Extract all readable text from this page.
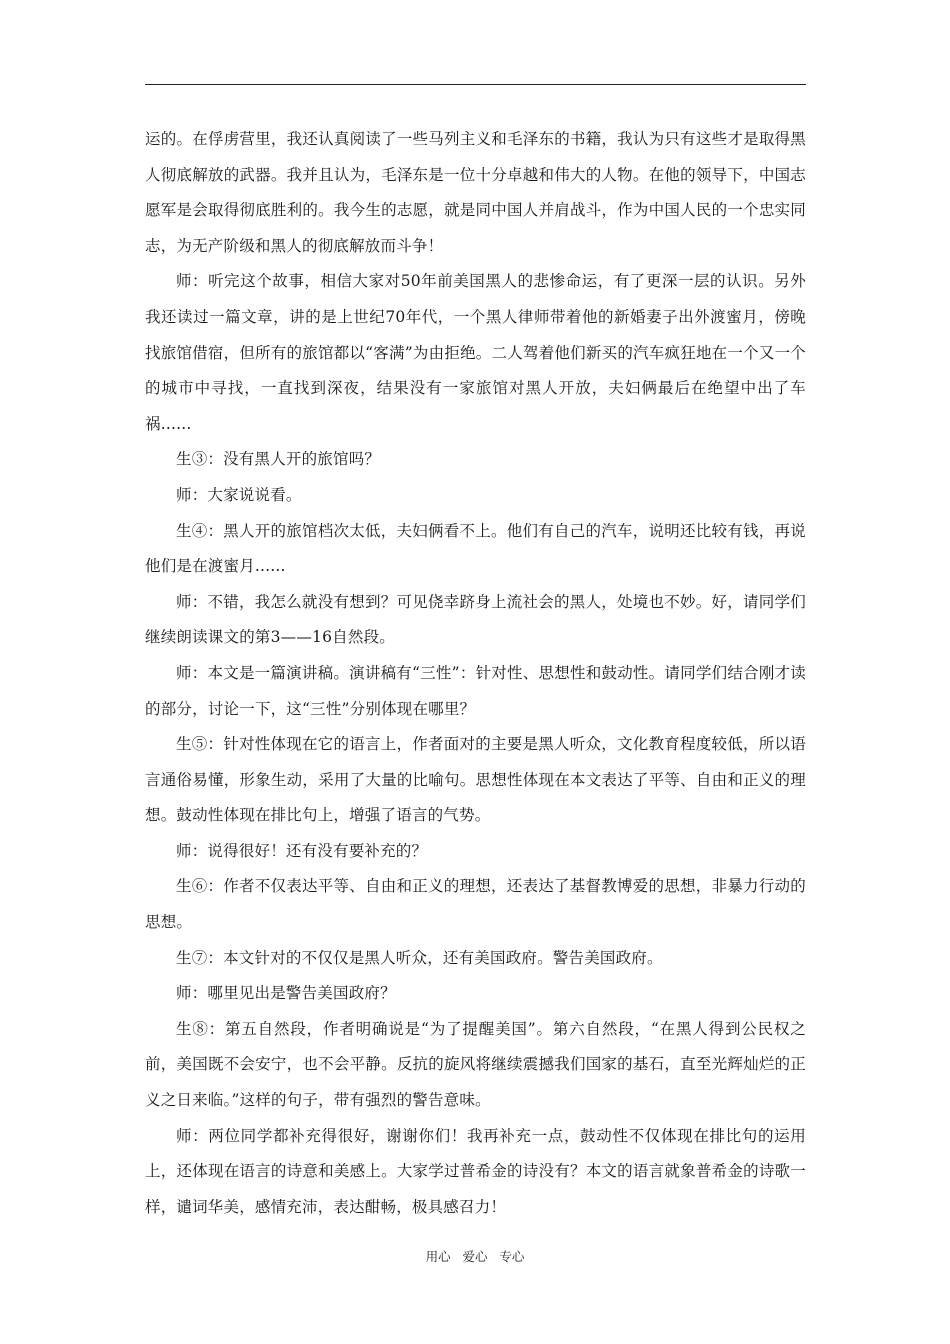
运的。在俘虏营里，我还认真阅读了一些马列主义和毛泽东的书籍，我认为只有这些才是取得黑人彻底解放的武器。我并且认为，毛泽东是一位十分卓越和伟大的人物。在他的领导下，中国志愿军是会取得彻底胜利的。我今生的志愿，就是同中国人并肩战斗，作为中国人民的一个忠实同志，为无产阶级和黑人的彻底解放而斗争！

师：听完这个故事，相信大家对50年前美国黑人的悲惨命运，有了更深一层的认识。另外我还读过一篇文章，讲的是上世纪70年代，一个黑人律师带着他的新婚妻子出外渡蜜月，傍晚找旅馆借宿，但所有的旅馆都以“客满”为由拒绝。二人驾着他们新买的汽车疯狂地在一个又一个的城市中寻找，一直找到深夜，结果没有一家旅馆对黑人开放，夫妇俩最后在绝望中出了车祸......

生③：没有黑人开的旅馆吗？

师：大家说说看。

生④：黑人开的旅馆档次太低，夫妇俩看不上。他们有自己的汽车，说明还比较有钱，再说他们是在渡蜜月......

师：不错，我怎么就没有想到？可见侥幸跻身上流社会的黑人，处境也不妙。好，请同学们继续朗读课文的第3——16自然段。

师：本文是一篇演讲稿。演讲稿有“三性”：针对性、思想性和鼓动性。请同学们结合刚才读的部分，讨论一下，这“三性”分别体现在哪里？

生⑤：针对性体现在它的语言上，作者面对的主要是黑人听众，文化教育程度较低，所以语言通俗易懂，形象生动，采用了大量的比喻句。思想性体现在本文表达了平等、自由和正义的理想。鼓动性体现在排比句上，增强了语言的气势。

师：说得很好！还有没有要补充的？

生⑥：作者不仅表达平等、自由和正义的理想，还表达了基督教博爱的思想，非暴力行动的思想。

生⑦：本文针对的不仅仅是黑人听众，还有美国政府。警告美国政府。

师：哪里见出是警告美国政府？

生⑧：第五自然段，作者明确说是“为了提醒美国”。第六自然段，“在黑人得到公民权之前，美国既不会安宁，也不会平静。反抗的旋风将继续震撼我们国家的基石，直至光辉灿烂的正义之日来临。”这样的句子，带有强烈的警告意味。

师：两位同学都补充得很好，谢谢你们！我再补充一点，鼓动性不仅体现在排比句的运用上，还体现在语言的诗意和美感上。大家学过普希金的诗没有？本文的语言就象普希金的诗歌一样，谴词华美，感情充沛，表达酣畅，极具感召力！

用心   爱心   专心
